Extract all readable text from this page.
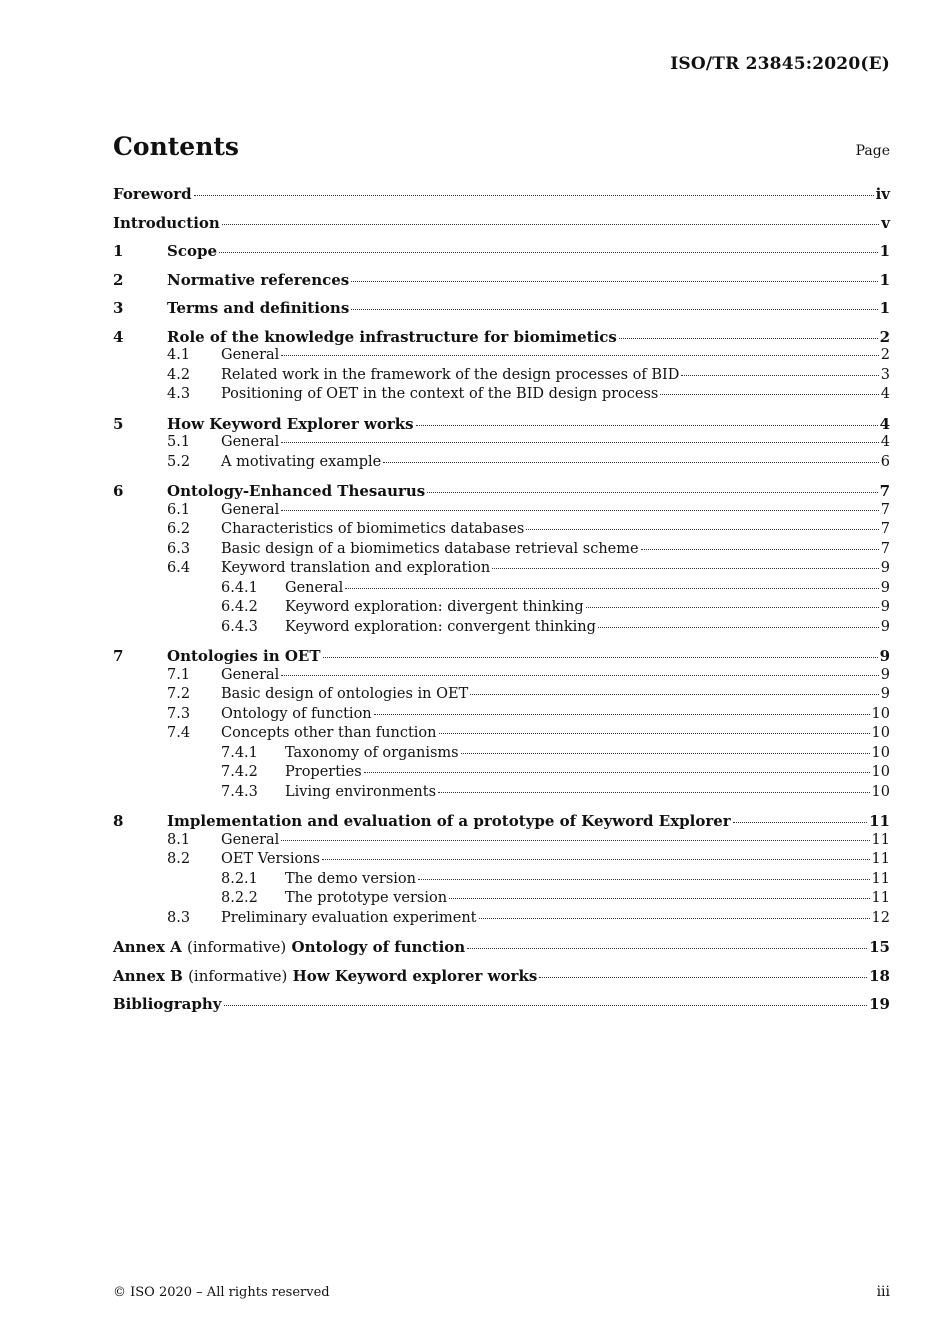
ISO/TR 23845:2020(E)
Contents	Page
Foreword	iv
Introduction	v
1	Scope	1
2	Normative references	1
3	Terms and definitions	1
4	Role of the knowledge infrastructure for biomimetics	2
4.1	General	2
4.2	Related work in the framework of the design processes of BID	3
4.3	Positioning of OET in the context of the BID design process	4
5	How Keyword Explorer works	4
5.1	General	4
5.2	A motivating example	6
6	Ontology-Enhanced Thesaurus	7
6.1	General	7
6.2	Characteristics of biomimetics databases	7
6.3	Basic design of a biomimetics database retrieval scheme	7
6.4	Keyword translation and exploration	9
6.4.1	General	9
6.4.2	Keyword exploration: divergent thinking	9
6.4.3	Keyword exploration: convergent thinking	9
7	Ontologies in OET	9
7.1	General	9
7.2	Basic design of ontologies in OET	9
7.3	Ontology of function	10
7.4	Concepts other than function	10
7.4.1	Taxonomy of organisms	10
7.4.2	Properties	10
7.4.3	Living environments	10
8	Implementation and evaluation of a prototype of Keyword Explorer	11
8.1	General	11
8.2	OET Versions	11
8.2.1	The demo version	11
8.2.2	The prototype version	11
8.3	Preliminary evaluation experiment	12
Annex A (informative) Ontology of function	15
Annex B (informative) How Keyword explorer works	18
Bibliography	19
© ISO 2020 – All rights reserved	iii
